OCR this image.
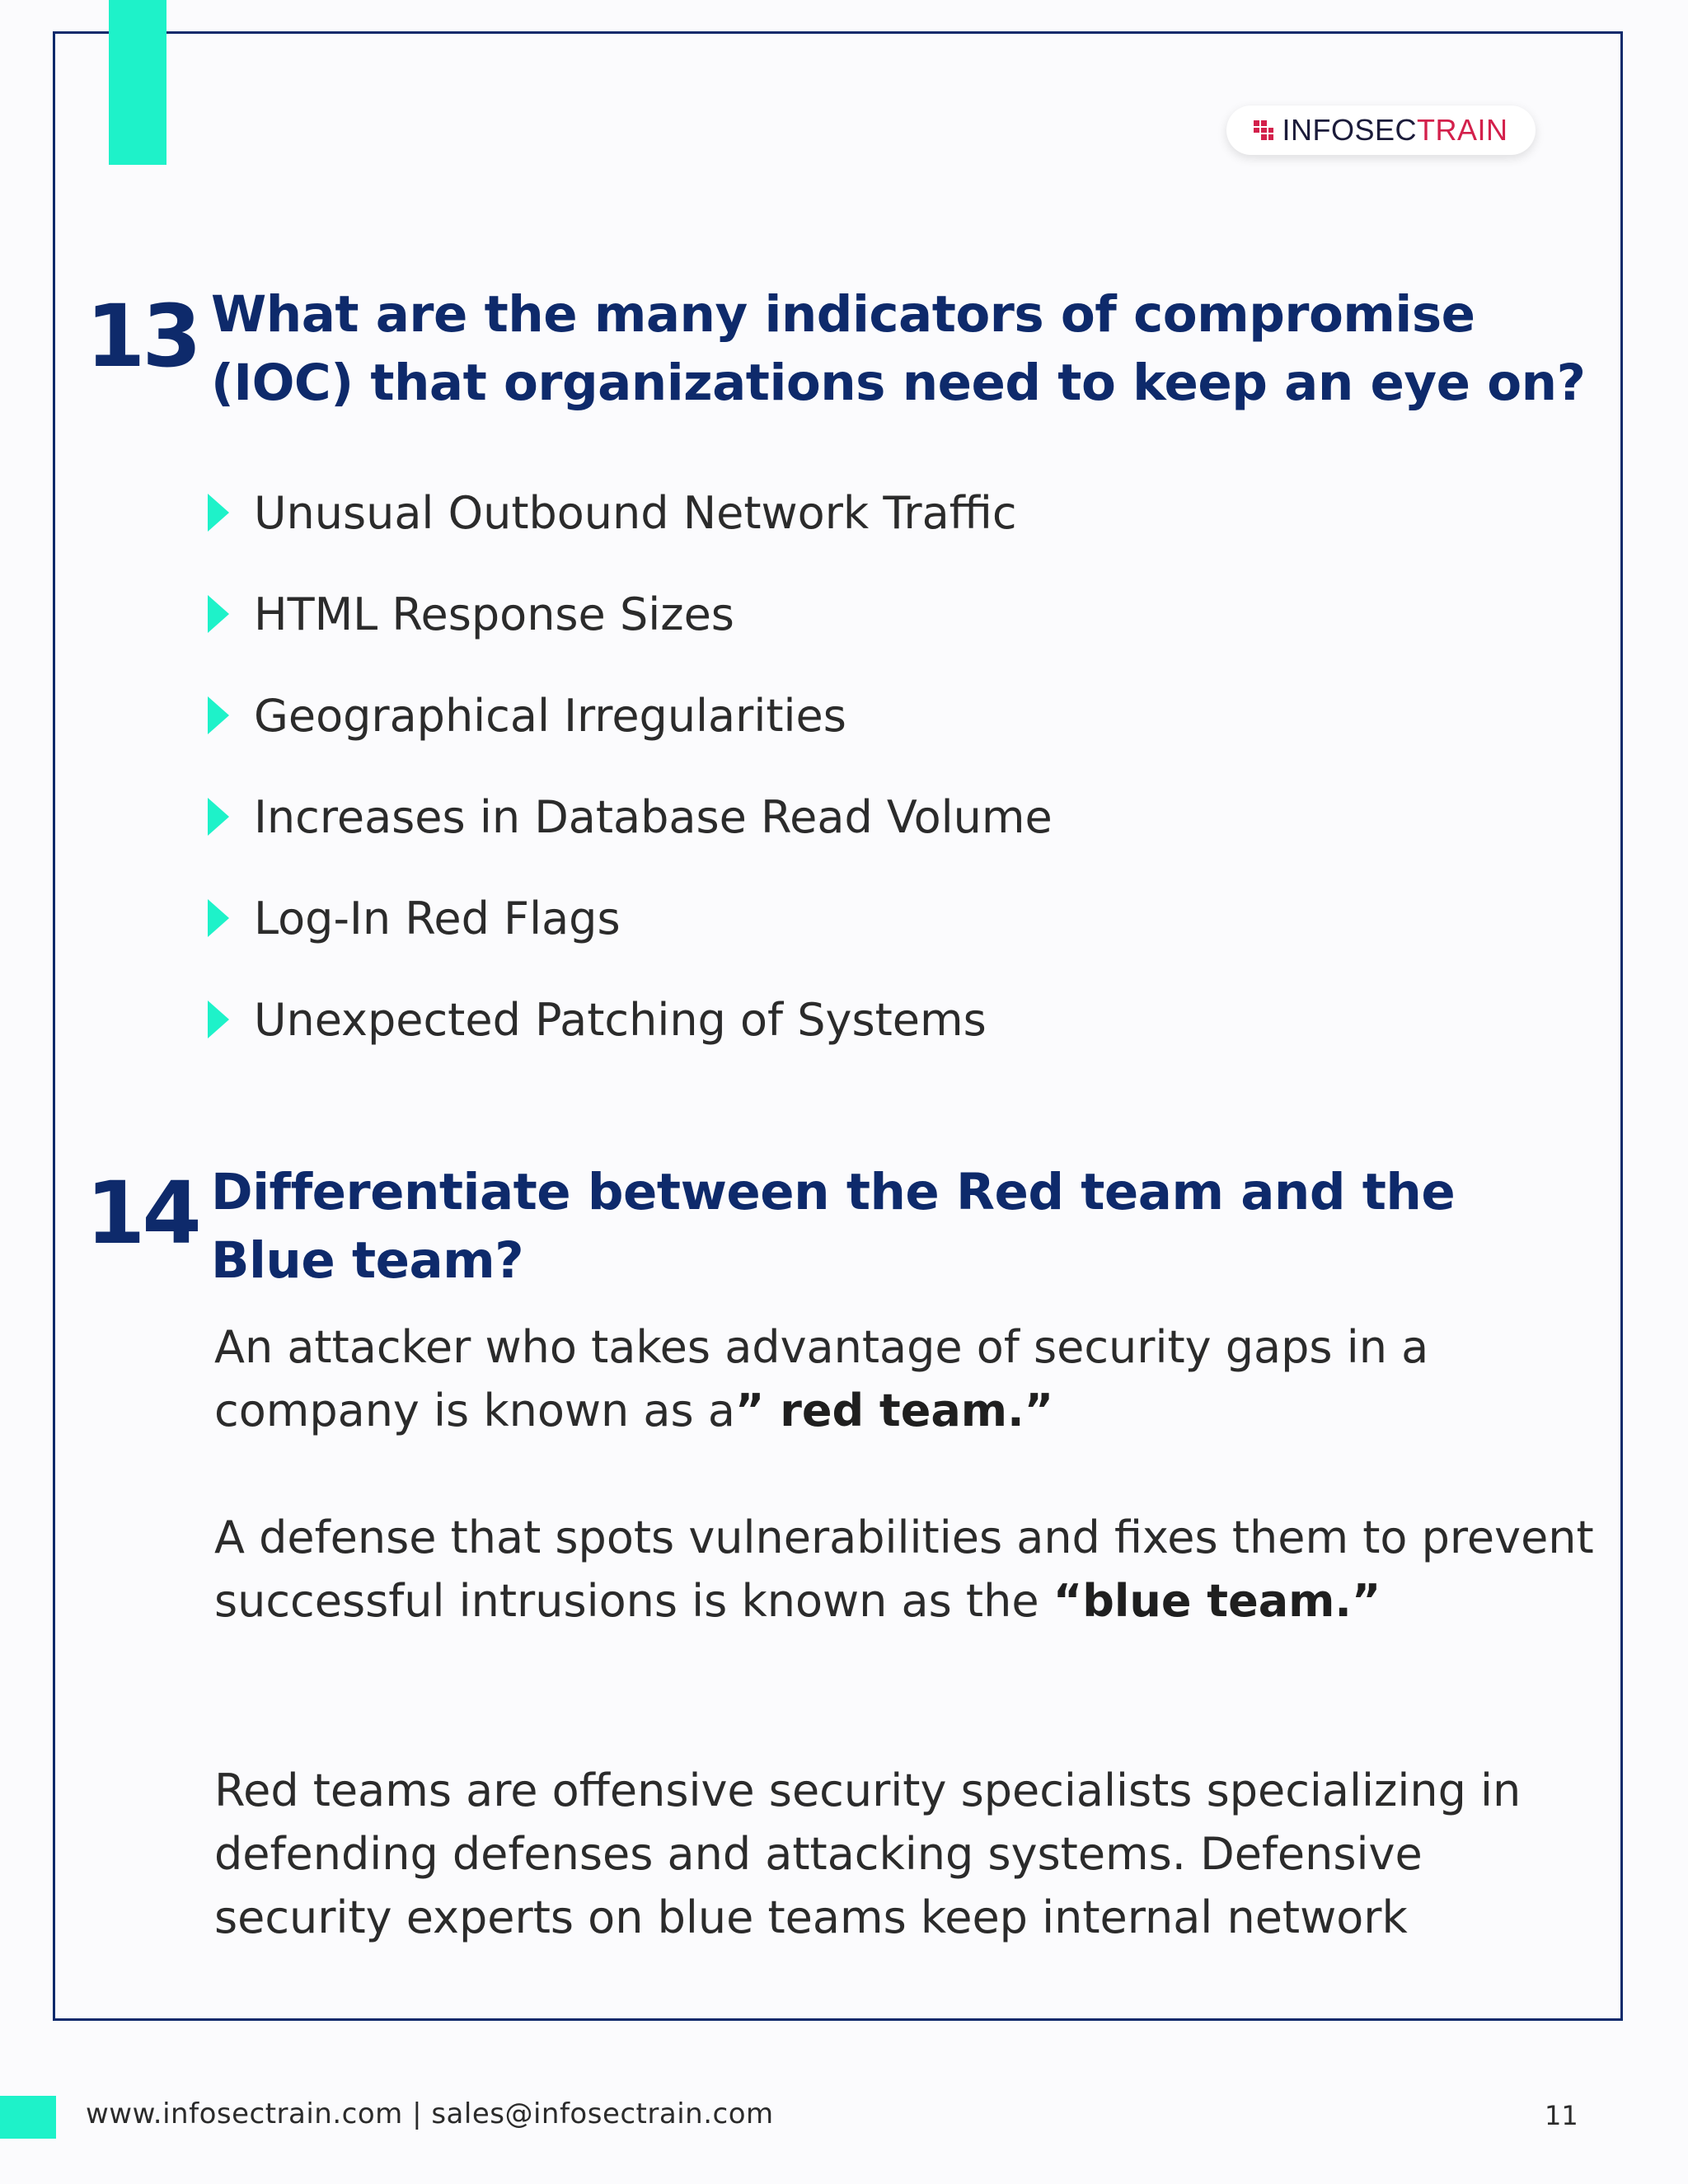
INFOSECTRAIN
13 What are the many indicators of compromise (IOC) that organizations need to keep an eye on?
Unusual Outbound Network Traffic
HTML Response Sizes
Geographical Irregularities
Increases in Database Read Volume
Log-In Red Flags
Unexpected Patching of Systems
14 Differentiate between the Red team and the Blue team?

An attacker who takes advantage of security gaps in a company is known as a” red team.”

A defense that spots vulnerabilities and fixes them to prevent successful intrusions is known as the “blue team.”

Red teams are offensive security specialists specializing in defending defenses and attacking systems. Defensive security experts on blue teams keep internal network

www.infosectrain.com | sales@infosectrain.com	11
